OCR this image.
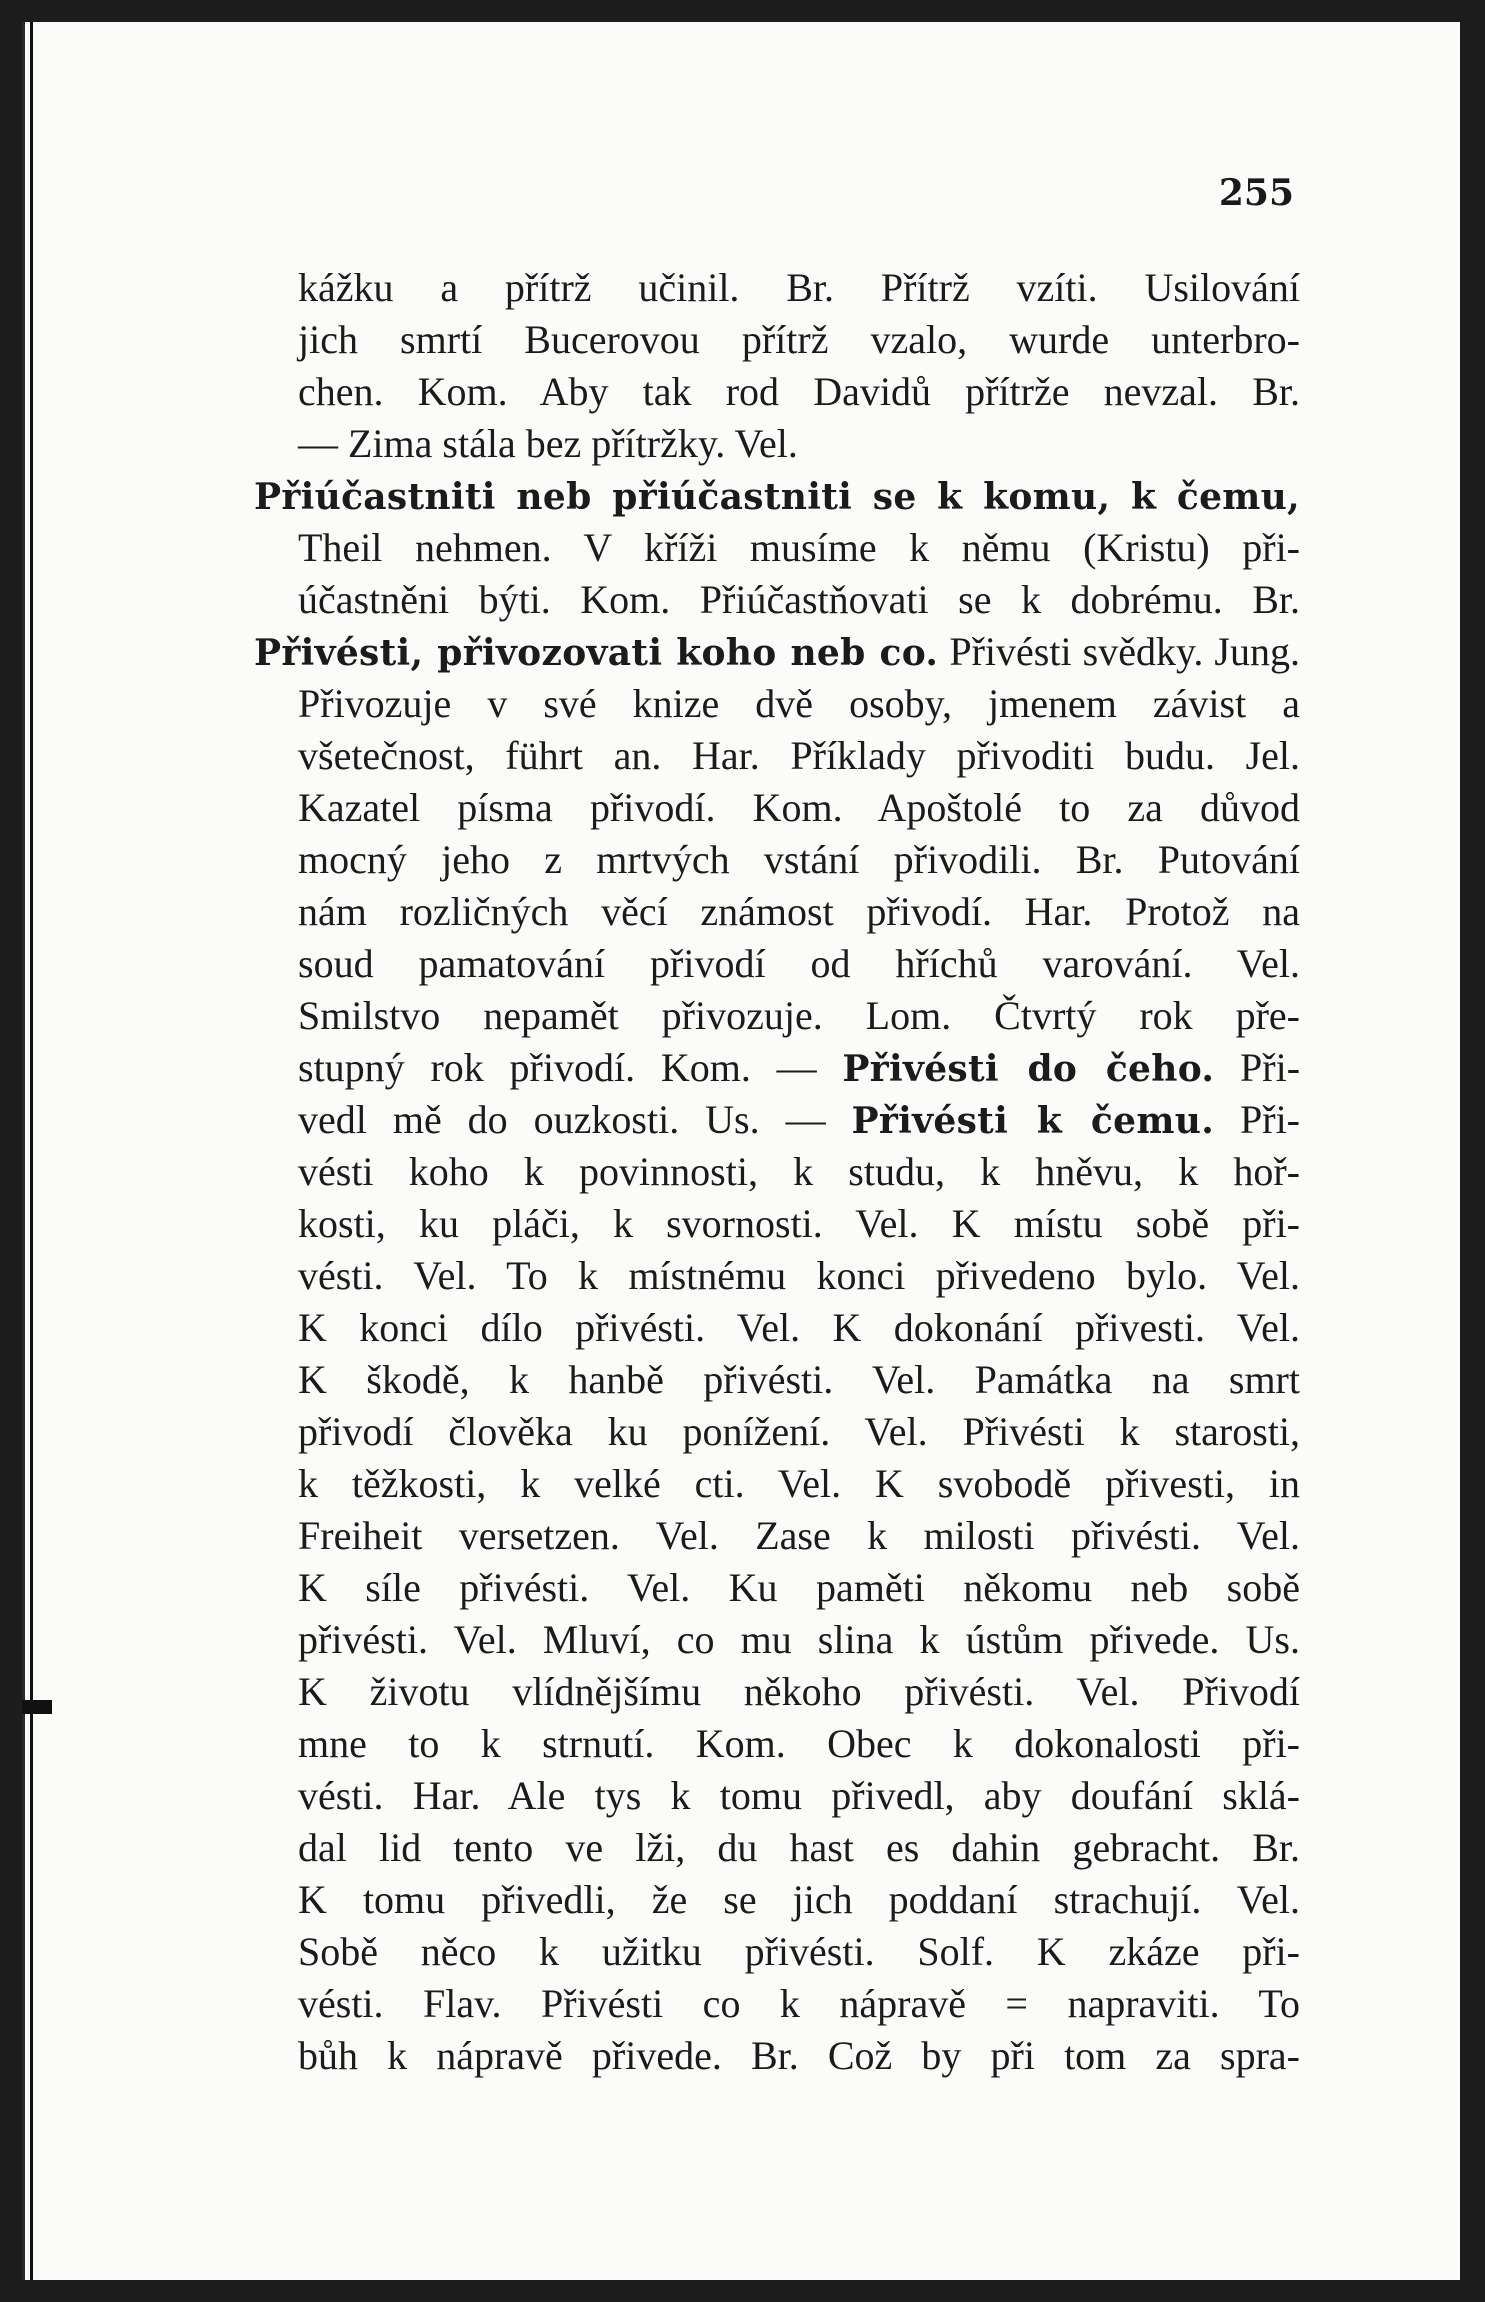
255
kážku a přítrž učinil. Br. Přítrž vzíti. Usilování
jich smrtí Bucerovou přítrž vzalo, wurde unterbro-
chen. Kom. Aby tak rod Davidů přítrže nevzal. Br.
— Zima stála bez přítržky. Vel.
Přiúčastniti neb přiúčastniti se k komu, k čemu,
Theil nehmen. V kříži musíme k němu (Kristu) při-
účastněni býti. Kom. Přiúčastňovati se k dobrému. Br.
Přivésti, přivozovati koho neb co. Přivésti svědky. Jung.
Přivozuje v své knize dvě osoby, jmenem závist a
všetečnost, führt an. Har. Příklady přivoditi budu. Jel.
Kazatel písma přivodí. Kom. Apoštolé to za důvod
mocný jeho z mrtvých vstání přivodili. Br. Putování
nám rozličných věcí známost přivodí. Har. Protož na
soud pamatování přivodí od hříchů varování. Vel.
Smilstvo nepamět přivozuje. Lom. Čtvrtý rok pře-
stupný rok přivodí. Kom. — Přivésti do čeho. Při-
vedl mě do ouzkosti. Us. — Přivésti k čemu. Při-
vésti koho k povinnosti, k studu, k hněvu, k hoř-
kosti, ku pláči, k svornosti. Vel. K místu sobě při-
vésti. Vel. To k místnému konci přivedeno bylo. Vel.
K konci dílo přivésti. Vel. K dokonání přivesti. Vel.
K škodě, k hanbě přivésti. Vel. Památka na smrt
přivodí člověka ku ponížení. Vel. Přivésti k starosti,
k těžkosti, k velké cti. Vel. K svobodě přivesti, in
Freiheit versetzen. Vel. Zase k milosti přivésti. Vel.
K síle přivésti. Vel. Ku paměti někomu neb sobě
přivésti. Vel. Mluví, co mu slina k ústům přivede. Us.
K životu vlídnějšímu někoho přivésti. Vel. Přivodí
mne to k strnutí. Kom. Obec k dokonalosti při-
vésti. Har. Ale tys k tomu přivedl, aby doufání sklá-
dal lid tento ve lži, du hast es dahin gebracht. Br.
K tomu přivedli, že se jich poddaní strachují. Vel.
Sobě něco k užitku přivésti. Solf. K zkáze při-
vésti. Flav. Přivésti co k nápravě = napraviti. To
bůh k nápravě přivede. Br. Což by při tom za spra-
